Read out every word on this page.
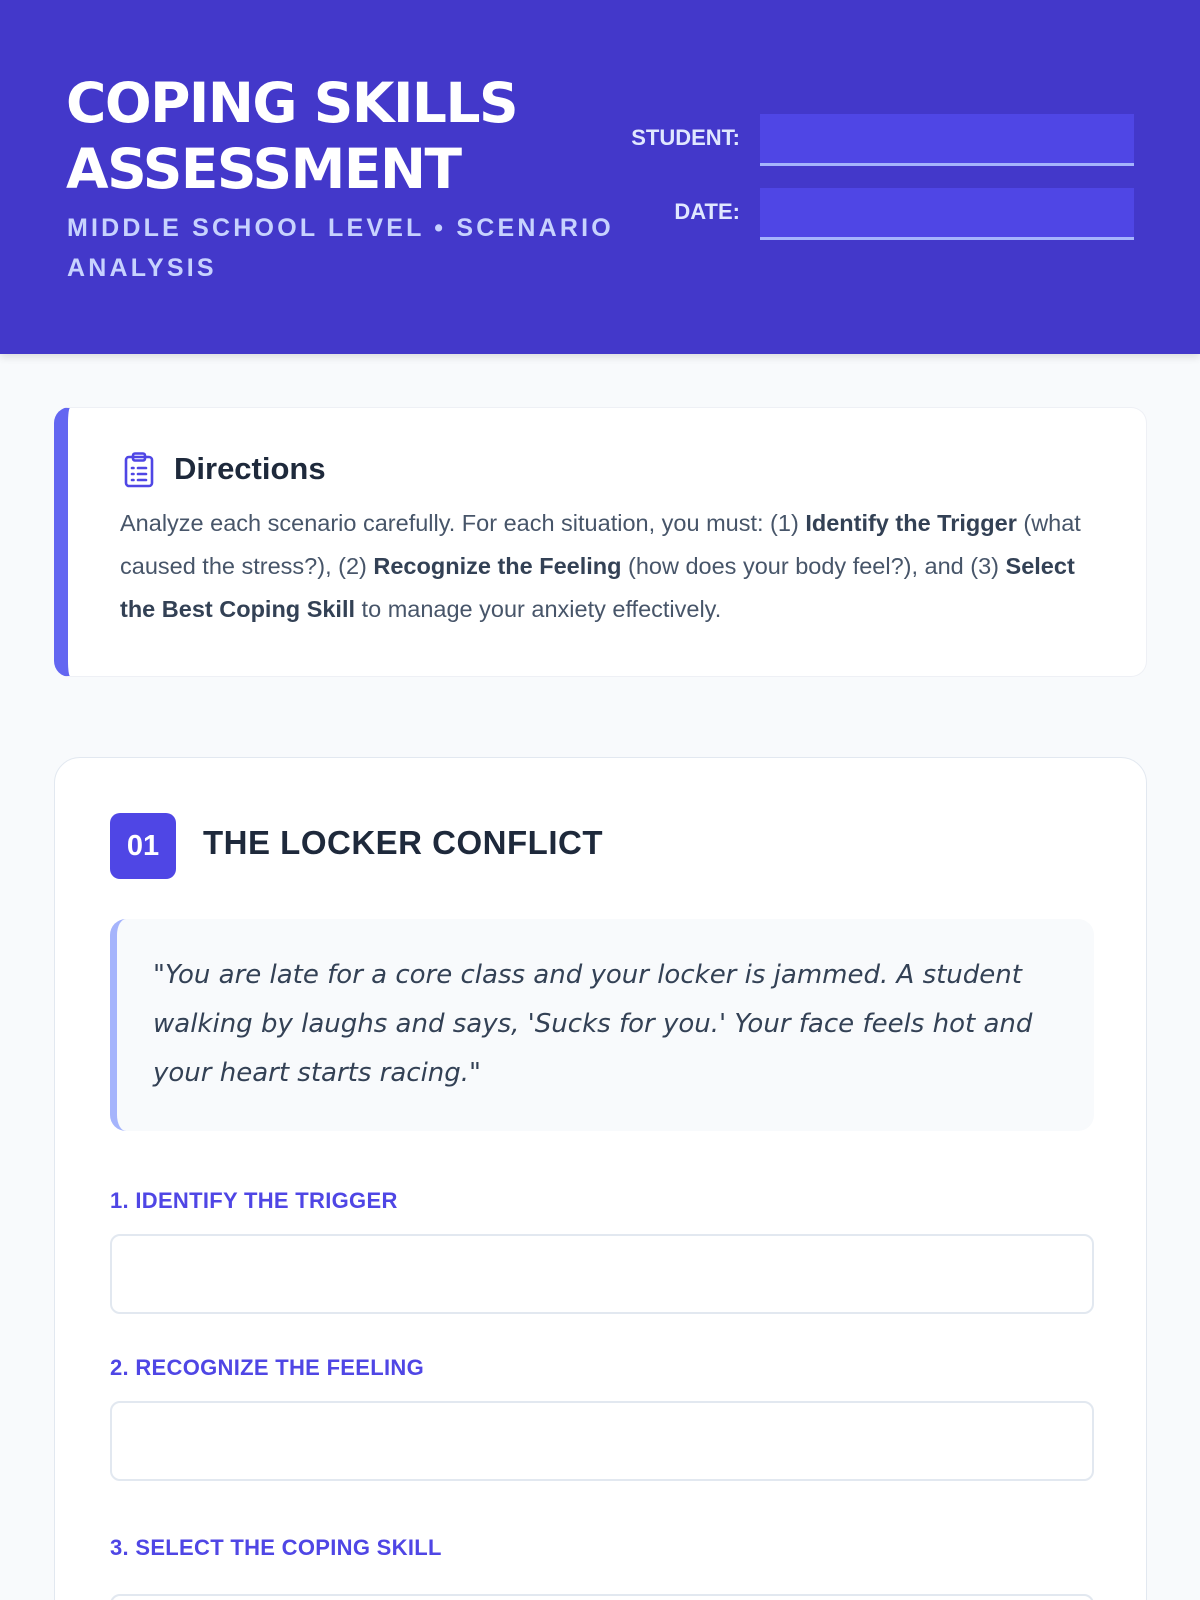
COPING SKILLS
ASSESSMENT
MIDDLE SCHOOL LEVEL • SCENARIO ANALYSIS
STUDENT:
DATE:
Directions
Analyze each scenario carefully. For each situation, you must: (1) Identify the Trigger (what caused the stress?), (2) Recognize the Feeling (how does your body feel?), and (3) Select the Best Coping Skill to manage your anxiety effectively.
01	THE LOCKER CONFLICT
"You are late for a core class and your locker is jammed. A student walking by laughs and says, 'Sucks for you.' Your face feels hot and your heart starts racing."
1. IDENTIFY THE TRIGGER
2. RECOGNIZE THE FEELING
3. SELECT THE COPING SKILL
